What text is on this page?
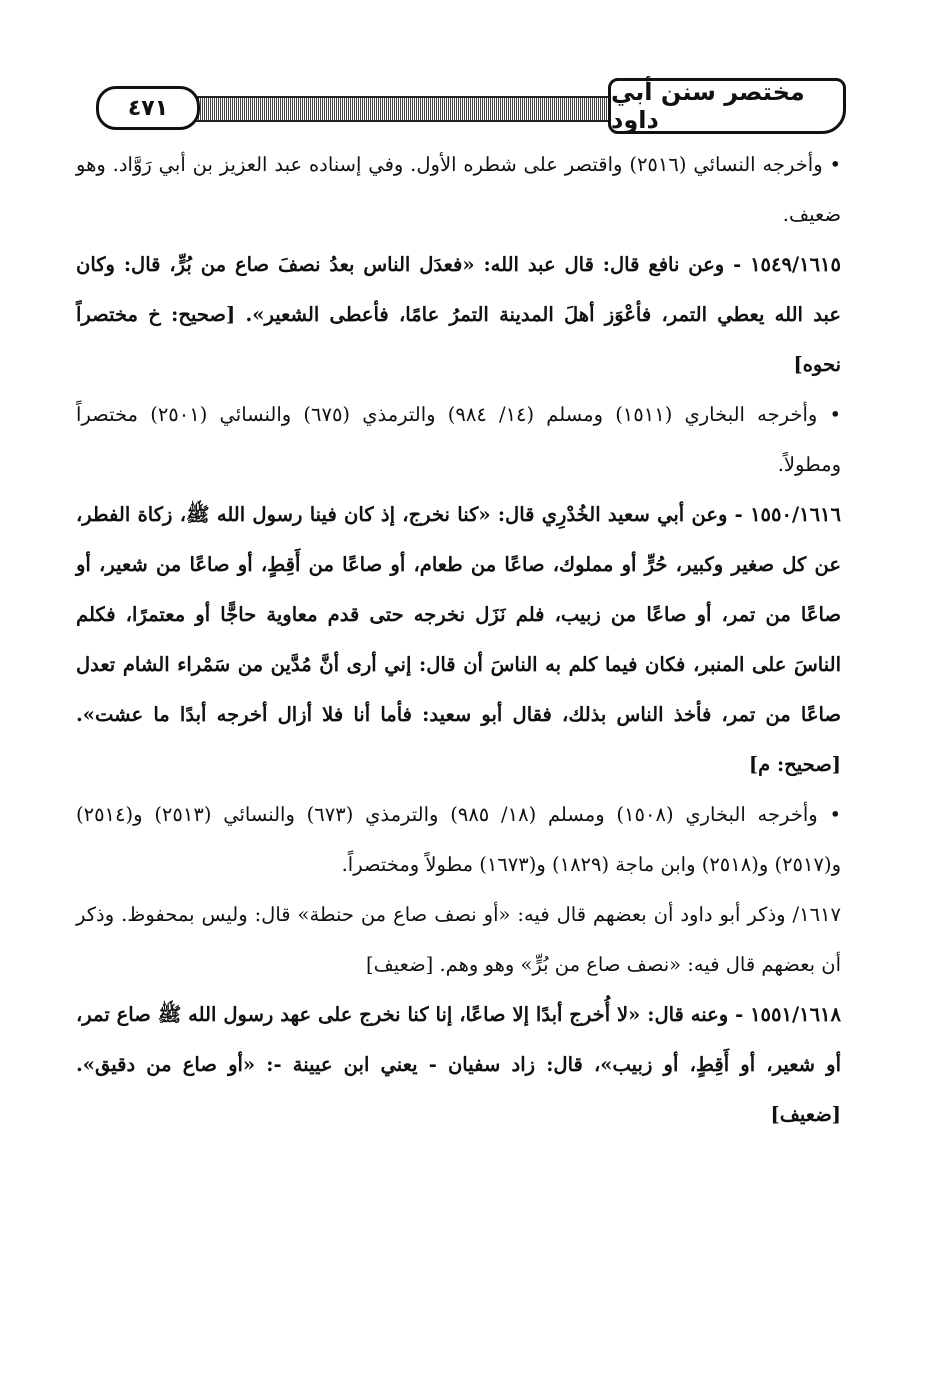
٤٧١
مختصر سنن أبي داود

• وأخرجه النسائي (٢٥١٦) واقتصر على شطره الأول. وفي إسناده عبد العزيز بن أبي رَوَّاد. وهو ضعيف.

١٥٤٩/١٦١٥ - وعن نافع قال: قال عبد الله: «فعدَل الناس بعدُ نصفَ صاع من بُرٍّ، قال: وكان عبد الله يعطي التمر، فأعْوَز أهلَ المدينة التمرُ عامًا، فأعطى الشعير». [صحيح: خ مختصراً نحوه]

• وأخرجه البخاري (١٥١١) ومسلم (١٤/ ٩٨٤) والترمذي (٦٧٥) والنسائي (٢٥٠١) مختصراً ومطولاً.

١٥٥٠/١٦١٦ - وعن أبي سعيد الخُدْرِي قال: «كنا نخرج، إذ كان فينا رسول الله ﷺ، زكاة الفطر، عن كل صغير وكبير، حُرٍّ أو مملوك، صاعًا من طعام، أو صاعًا من أَقِطٍ، أو صاعًا من شعير، أو صاعًا من تمر، أو صاعًا من زبيب، فلم نَزَل نخرجه حتى قدم معاوية حاجًّا أو معتمرًا، فكلم الناسَ على المنبر، فكان فيما كلم به الناسَ أن قال: إني أرى أنَّ مُدَّين من سَمْراء الشام تعدل صاعًا من تمر، فأخذ الناس بذلك، فقال أبو سعيد: فأما أنا فلا أزال أخرجه أبدًا ما عشت». [صحيح: م]

• وأخرجه البخاري (١٥٠٨) ومسلم (١٨/ ٩٨٥) والترمذي (٦٧٣) والنسائي (٢٥١٣) و(٢٥١٤) و(٢٥١٧) و(٢٥١٨) وابن ماجة (١٨٢٩) و(١٦٧٣) مطولاً ومختصراً.

١٦١٧/ وذكر أبو داود أن بعضهم قال فيه: «أو نصف صاع من حنطة» قال: وليس بمحفوظ. وذكر أن بعضهم قال فيه: «نصف صاع من بُرٍّ» وهو وهم. [ضعيف]

١٥٥١/١٦١٨ - وعنه قال: «لا أُخرج أبدًا إلا صاعًا، إنا كنا نخرج على عهد رسول الله ﷺ صاع تمر، أو شعير، أو أَقِطٍ، أو زبيب»، قال: زاد سفيان - يعني ابن عيينة -: «أو صاع من دقيق». [ضعيف]
